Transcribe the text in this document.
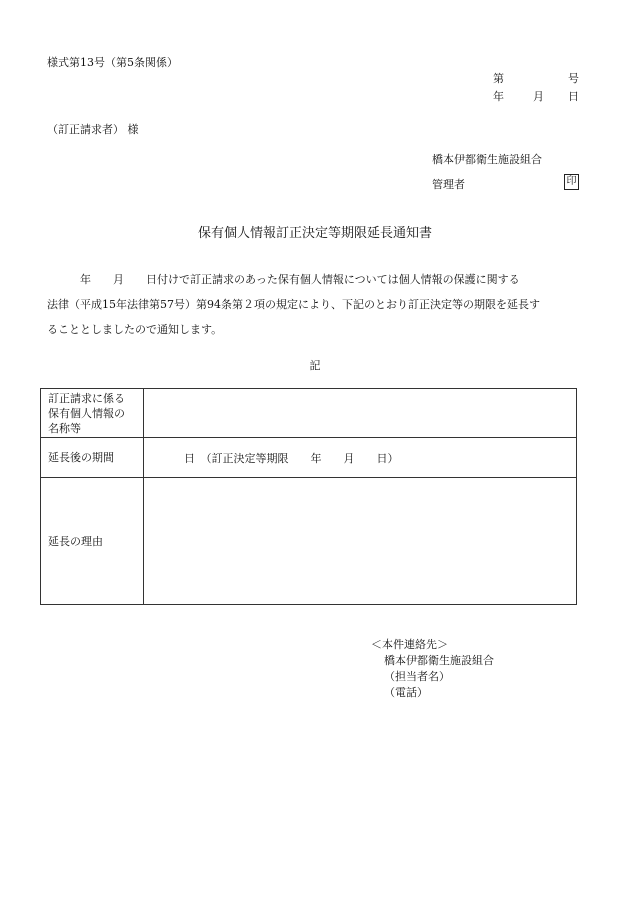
様式第13号（第5条関係）
第	号
年	月 日
（訂正請求者） 様
橋本伊都衛生施設組合
管理者	印
保有個人情報訂正決定等期限延長通知書

　　　年　　月　　日付けで訂正請求のあった保有個人情報については個人情報の保護に関する

法律（平成15年法律第57号）第94条第２項の規定により、下記のとおり訂正決定等の期限を延長す

ることとしましたので通知します。

記
訂正請求に係る
保有個人情報の
名称等	

延長後の期間	日　（訂正決定等期限　　年　　月　　日）
延長の理由	
＜本件連絡先＞
橋本伊都衛生施設組合
（担当者名）
（電話）
